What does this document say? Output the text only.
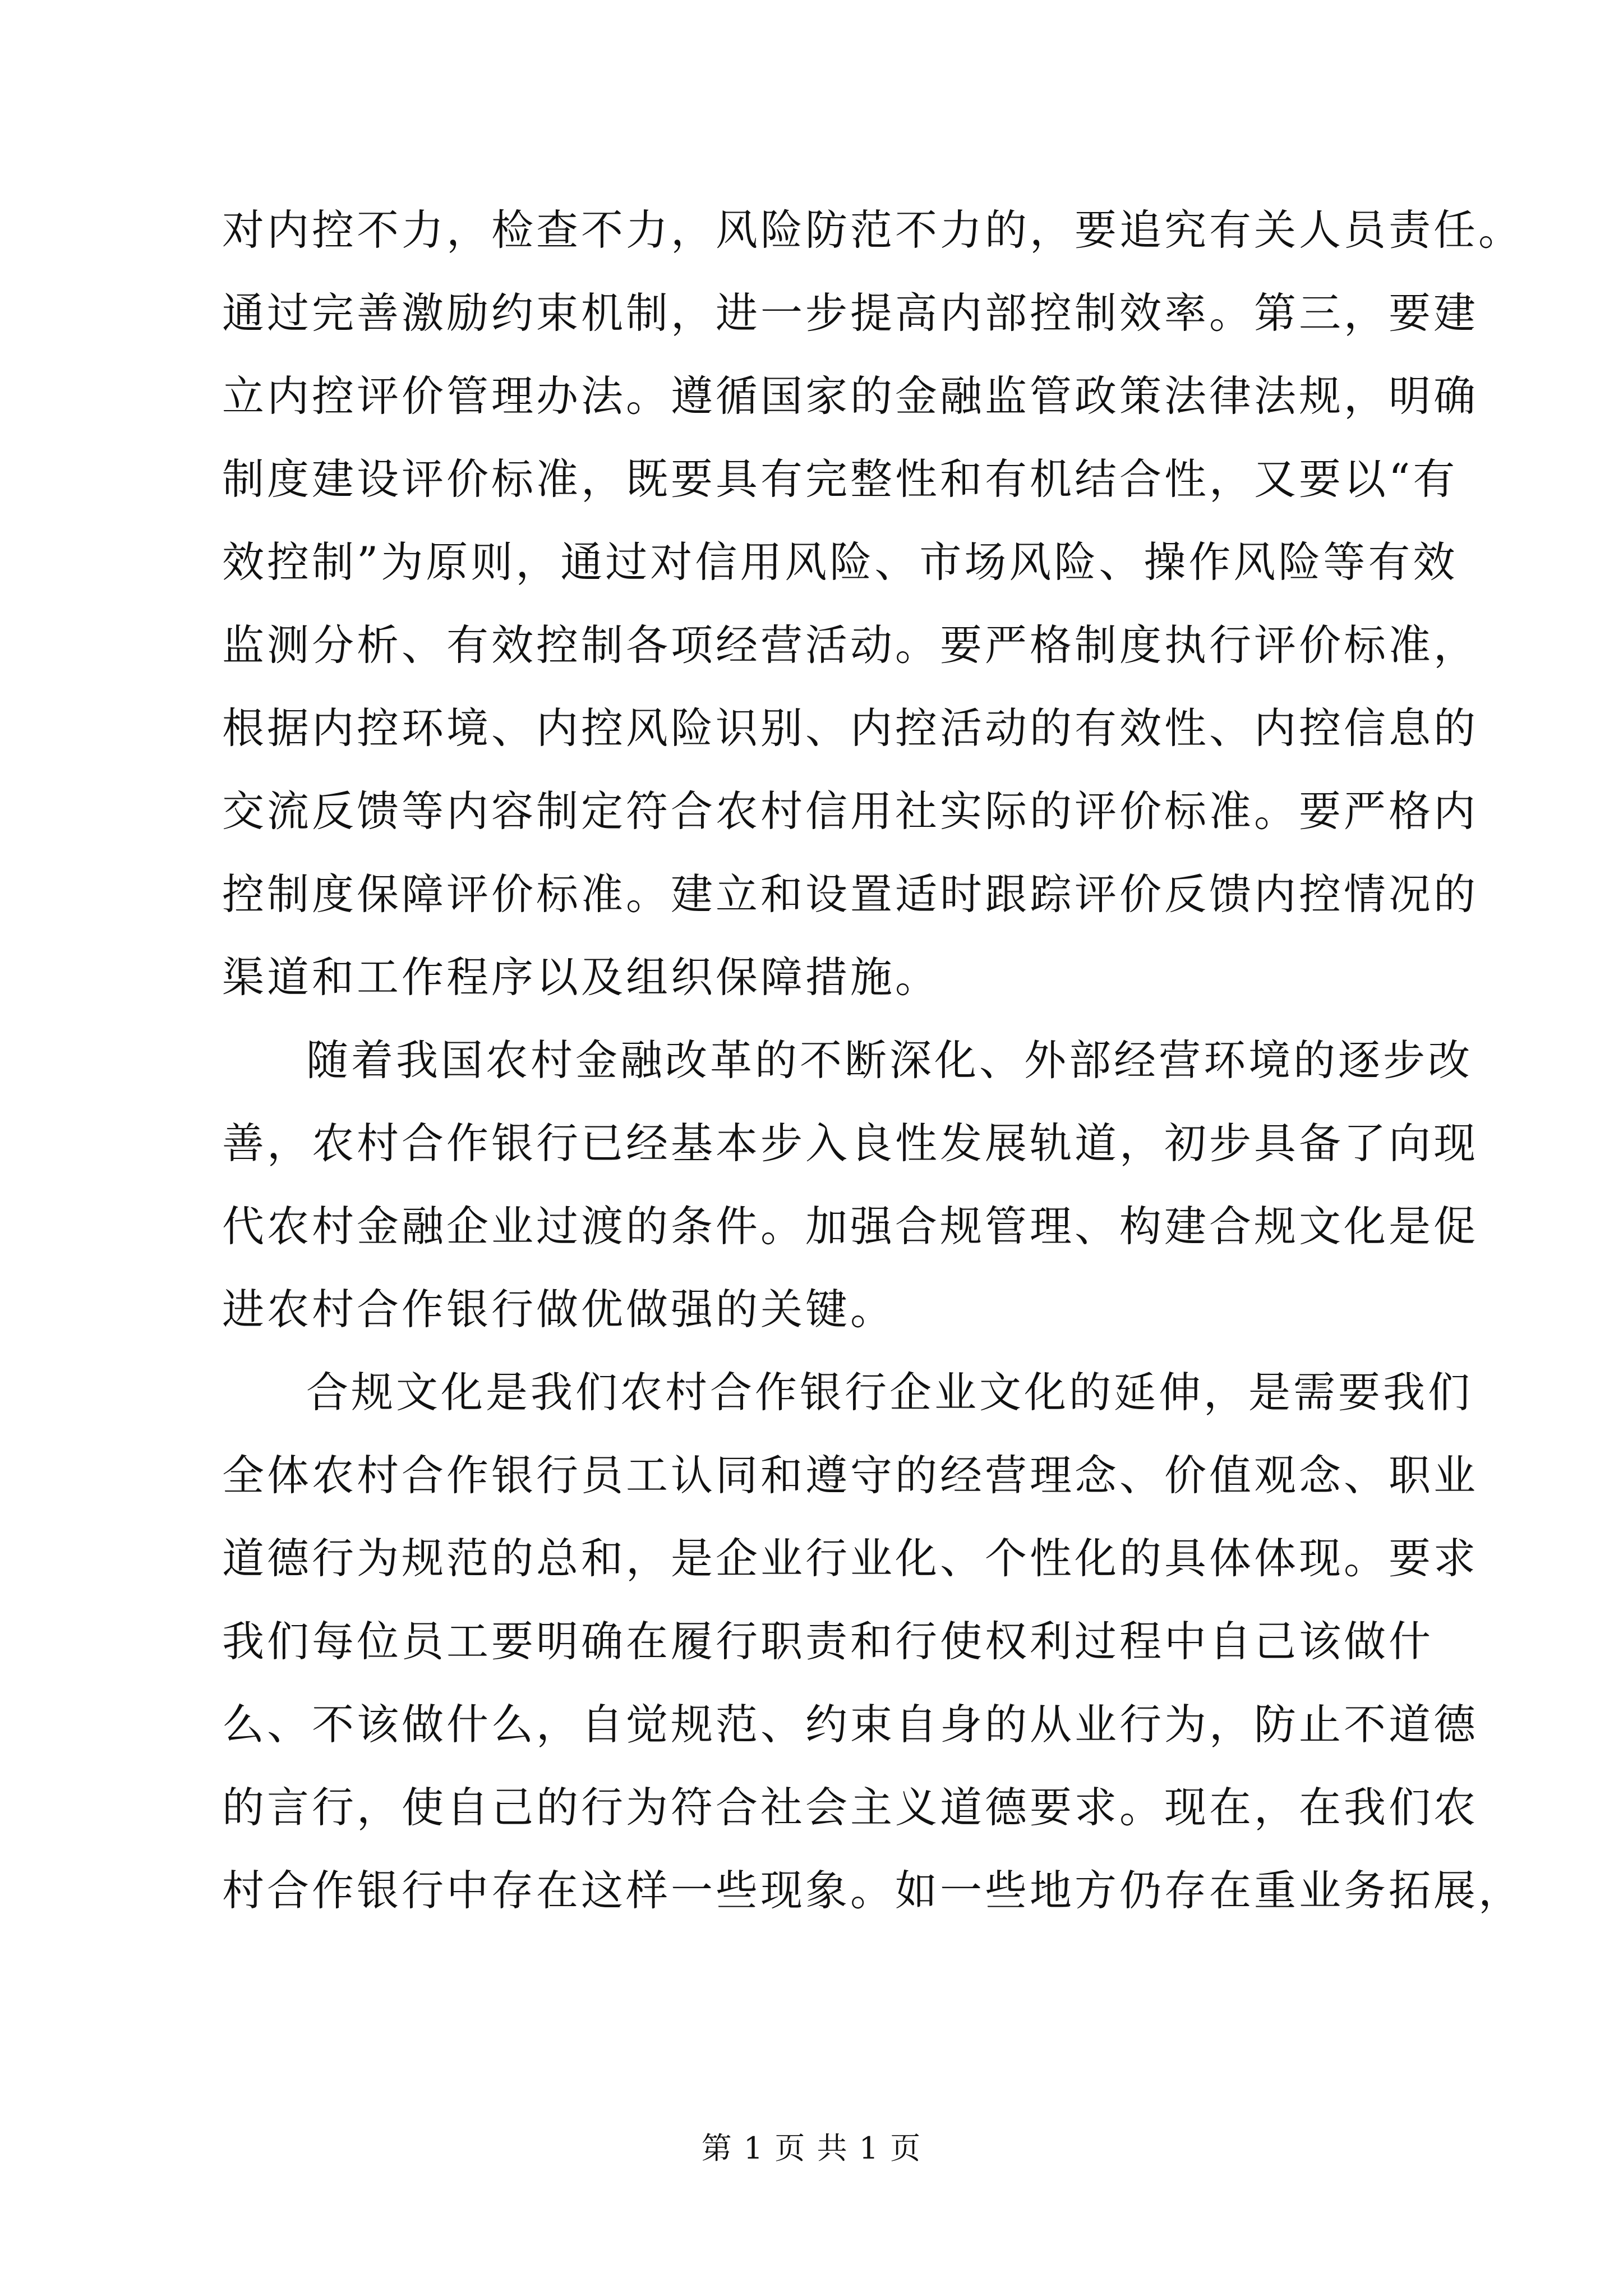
对内控不力，检查不力，风险防范不力的，要追究有关人员责任。
通过完善激励约束机制，进一步提高内部控制效率。第三，要建
立内控评价管理办法。遵循国家的金融监管政策法律法规，明确
制度建设评价标准，既要具有完整性和有机结合性，又要以“有
效控制”为原则，通过对信用风险、市场风险、操作风险等有效
监测分析、有效控制各项经营活动。要严格制度执行评价标准，
根据内控环境、内控风险识别、内控活动的有效性、内控信息的
交流反馈等内容制定符合农村信用社实际的评价标准。要严格内
控制度保障评价标准。建立和设置适时跟踪评价反馈内控情况的
渠道和工作程序以及组织保障措施。
随着我国农村金融改革的不断深化、外部经营环境的逐步改
善，农村合作银行已经基本步入良性发展轨道，初步具备了向现
代农村金融企业过渡的条件。加强合规管理、构建合规文化是促
进农村合作银行做优做强的关键。
合规文化是我们农村合作银行企业文化的延伸，是需要我们
全体农村合作银行员工认同和遵守的经营理念、价值观念、职业
道德行为规范的总和，是企业行业化、个性化的具体体现。要求
我们每位员工要明确在履行职责和行使权利过程中自己该做什
么、不该做什么，自觉规范、约束自身的从业行为，防止不道德
的言行，使自己的行为符合社会主义道德要求。现在，在我们农
村合作银行中存在这样一些现象。如一些地方仍存在重业务拓展，
第 1 页 共 1 页
